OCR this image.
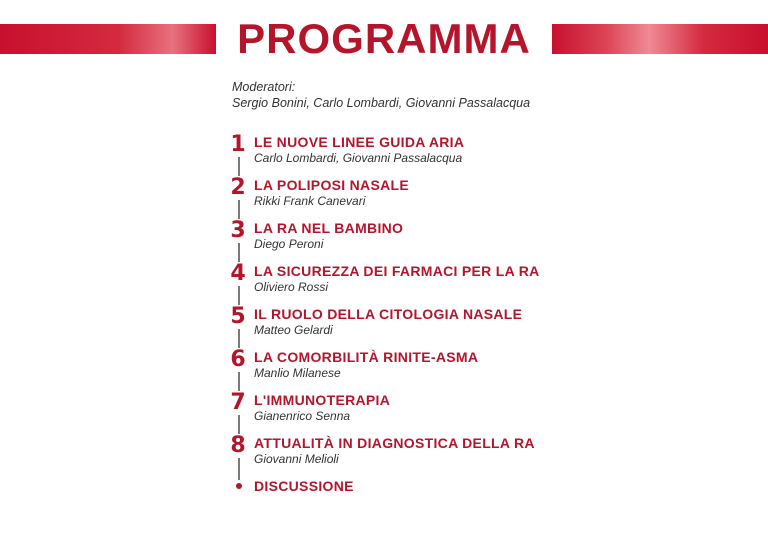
PROGRAMMA
Moderatori:
Sergio Bonini, Carlo Lombardi, Giovanni Passalacqua
1 LE NUOVE LINEE GUIDA ARIA
Carlo Lombardi, Giovanni Passalacqua
2 LA POLIPOSI NASALE
Rikki Frank Canevari
3 LA RA NEL BAMBINO
Diego Peroni
4 LA SICUREZZA DEI FARMACI PER LA RA
Oliviero Rossi
5 IL RUOLO DELLA CITOLOGIA NASALE
Matteo Gelardi
6 LA COMORBILITÀ RINITE-ASMA
Manlio Milanese
7 L'IMMUNOTERAPIA
Gianenrico Senna
8 ATTUALITÀ IN DIAGNOSTICA DELLA RA
Giovanni Melioli
DISCUSSIONE
